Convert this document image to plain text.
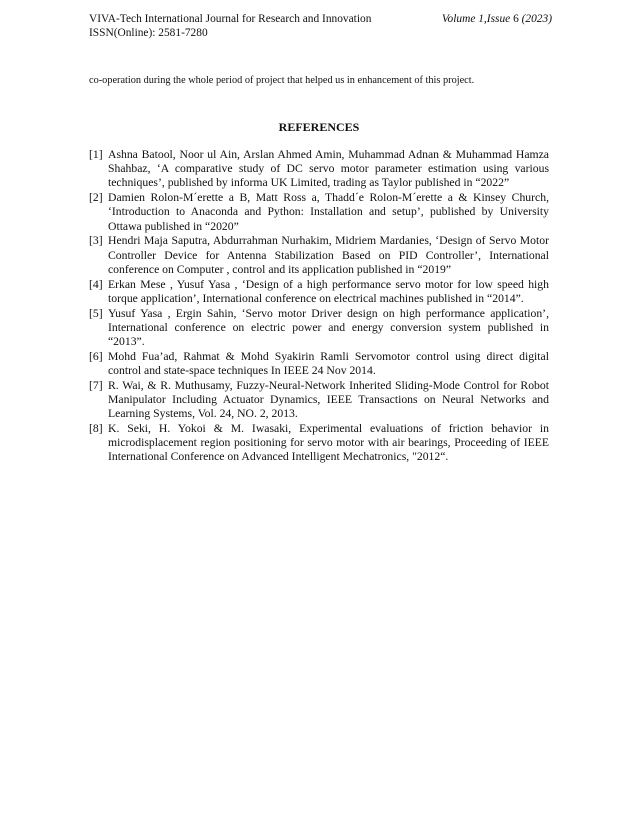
VIVA-Tech International Journal for Research and Innovation
ISSN(Online): 2581-7280
Volume 1,Issue 6 (2023)
co-operation during the whole period of project that helped us in enhancement of this project.
REFERENCES
[1] Ashna Batool, Noor ul Ain, Arslan Ahmed Amin, Muhammad Adnan & Muhammad Hamza Shahbaz, ‘A comparative study of DC servo motor parameter estimation using various techniques’, published by informa UK Limited, trading as Taylor published in “2022”
[2] Damien Rolon-M´erette a B, Matt Ross a, Thadd´e Rolon-M´erette a & Kinsey Church, ‘Introduction to Anaconda and Python: Installation and setup’, published by University Ottawa published in “2020”
[3] Hendri Maja Saputra, Abdurrahman Nurhakim, Midriem Mardanies, ‘Design of Servo Motor Controller Device for Antenna Stabilization Based on PID Controller’, International conference on Computer , control and its application published in “2019”
[4] Erkan Mese , Yusuf Yasa , ‘Design of a high performance servo motor for low speed high torque application’, International conference on electrical machines published in “2014”.
[5] Yusuf Yasa , Ergin Sahin, ‘Servo motor Driver design on high performance application’, International conference on electric power and energy conversion system published in “2013”.
[6] Mohd Fua’ad, Rahmat & Mohd Syakirin Ramli Servomotor control using direct digital control and state-space techniques In IEEE 24 Nov 2014.
[7] R. Wai, & R. Muthusamy, Fuzzy-Neural-Network Inherited Sliding-Mode Control for Robot Manipulator Including Actuator Dynamics, IEEE Transactions on Neural Networks and Learning Systems, Vol. 24, NO. 2, 2013.
[8] K. Seki, H. Yokoi & M. Iwasaki, Experimental evaluations of friction behavior in microdisplacement region positioning for servo motor with air bearings, Proceeding of IEEE International Conference on Advanced Intelligent Mechatronics, "2012“.
